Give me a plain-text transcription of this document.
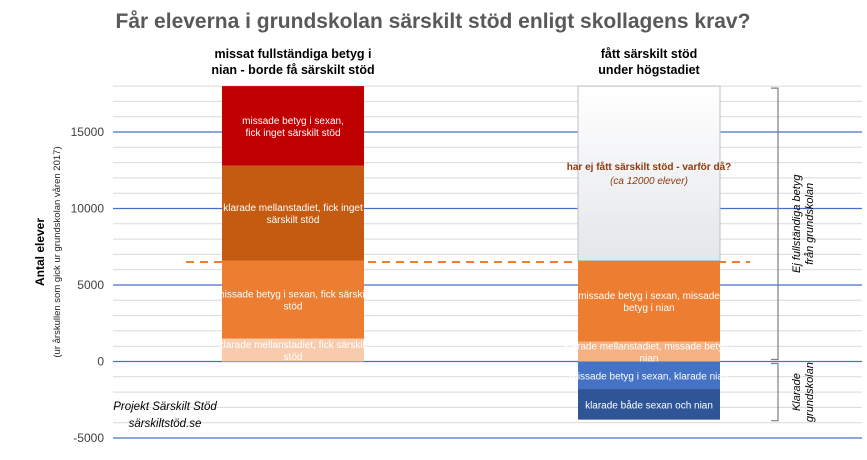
Får eleverna i grundskolan särskilt stöd enligt skollagens krav?
-5000
0
5000
10000
15000
Antal elever (ur årskullen som gick ur grundskolan våren 2017)	klarade mellanstadiet, fick särskilt stöd
missade betyg i sexan, fick särskilt stöd
klarade mellanstadiet, fick inget särskilt stöd
missade betyg i sexan, fick inget särskilt stöd
missat fullständiga betyg i nian - borde få särskilt stöd
klarade mellanstadiet, missade betyg i nian
missade betyg i sexan, missade betyg i nian
missade betyg i sexan, klarade nian
klarade både sexan och nian
fått särskilt stöd under högstadiet
har ej fått särskilt stöd - varför då?
(ca 12000 elever)	Ej fullständiga betygfrån grundskolan
Klaradegrundskolan
Projekt Särskilt Stöd särskiltstöd.se
